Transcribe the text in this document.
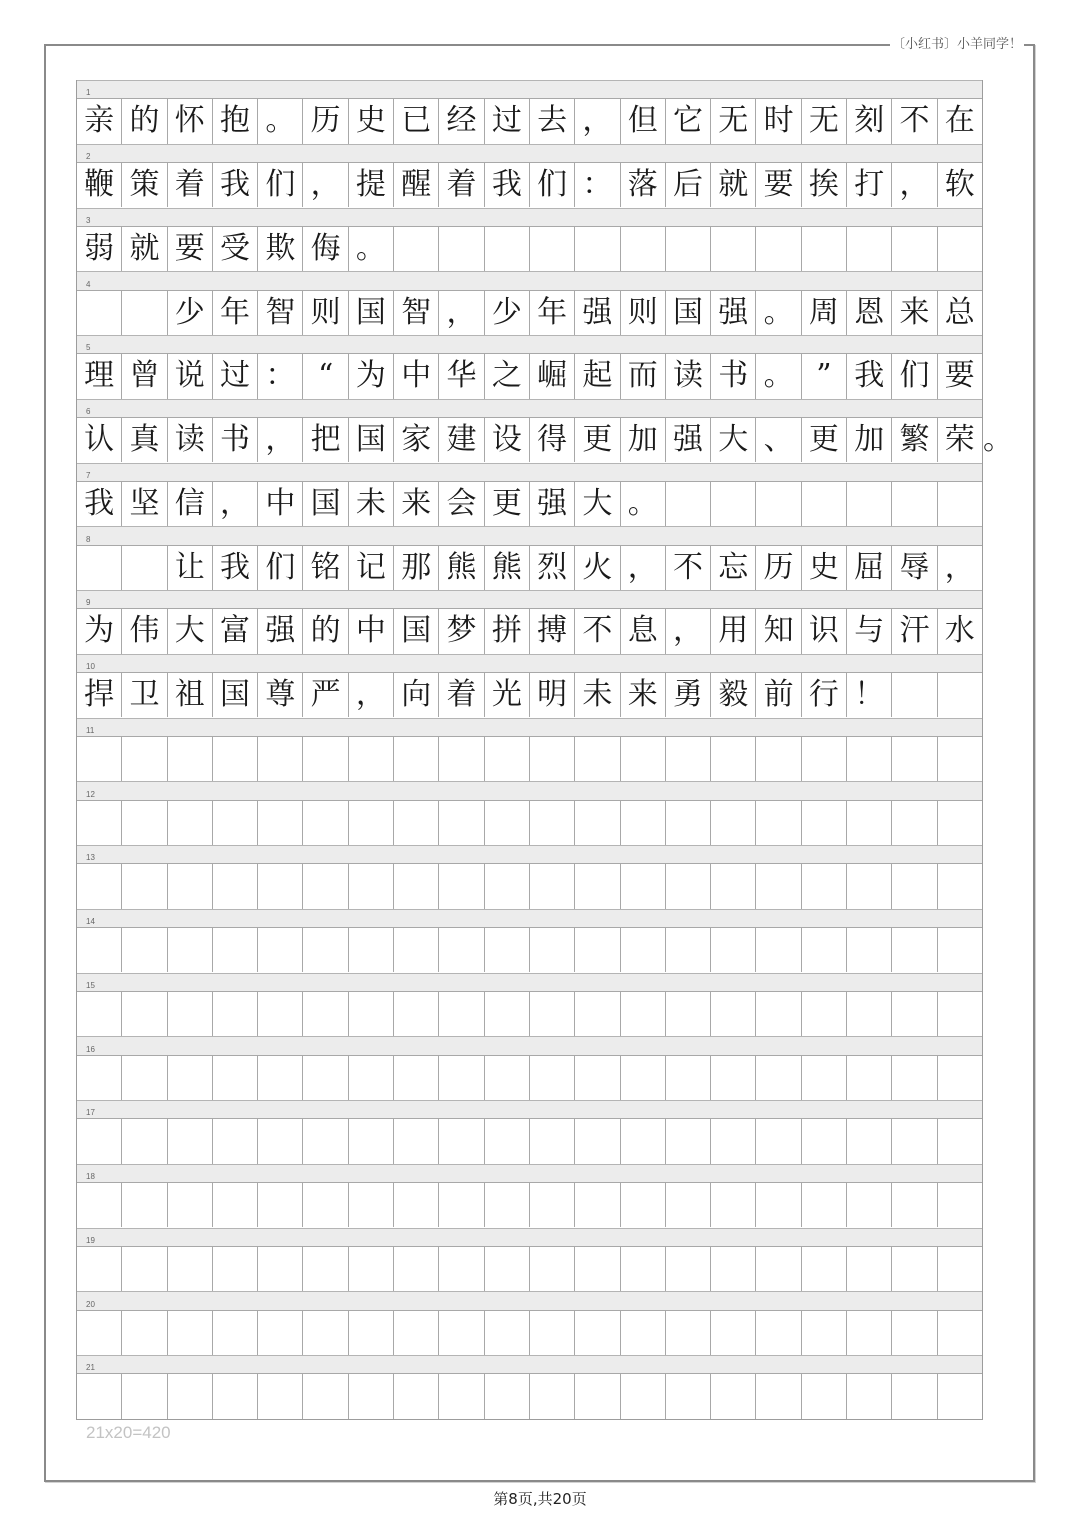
〔小红书〕小羊同学！
1
亲 的 怀 抱 。 历 史 已 经 过 去 ， 但 它 无 时 无 刻 不 在
2
鞭 策 着 我 们 ， 提 醒 着 我 们 ： 落 后 就 要 挨 打 ， 软
3
弱 就 要 受 欺 侮 。
4
少 年 智 则 国 智 ， 少 年 强 则 国 强 。 周 恩 来 总
5
理 曾 说 过 ： “ 为 中 华 之 崛 起 而 读 书 。 ” 我 们 要
6
认 真 读 书 ， 把 国 家 建 设 得 更 加 强 大 、 更 加 繁 荣 。
7
我 坚 信 ， 中 国 未 来 会 更 强 大 。
8
让 我 们 铭 记 那 熊 熊 烈 火 ， 不 忘 历 史 屈 辱 ，
9
为 伟 大 富 强 的 中 国 梦 拼 搏 不 息 ， 用 知 识 与 汗 水
10
捍 卫 祖 国 尊 严 ， 向 着 光 明 未 来 勇 毅 前 行 ！
11
12
13
14
15
16
17
18
19
20
21
21x20=420
第8页,共20页
